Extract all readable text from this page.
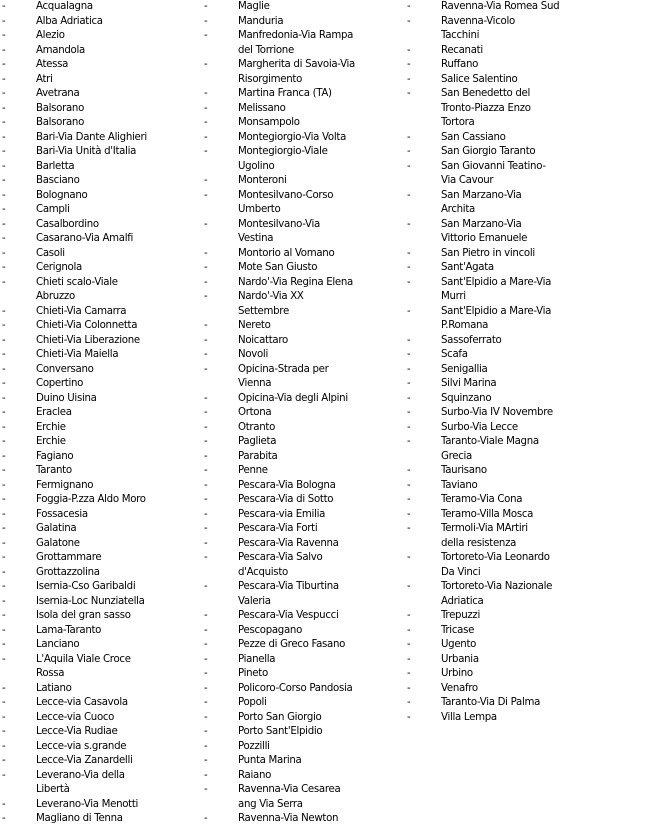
-	Acqualagna
-	Alba Adriatica
-	Alezio
-	Amandola
-	Atessa
-	Atri
-	Avetrana
-	Balsorano
-	Balsorano
-	Bari-Via Dante Alighieri
-	Bari-Via Unità d'Italia
-	Barletta
-	Basciano
-	Bolognano
-	Campli
-	Casalbordino
-	Casarano-Via Amalfi
-	Casoli
-	Cerignola
-	Chieti scalo-Viale
Abruzzo
-	Chieti-Via Camarra
-	Chieti-Via Colonnetta
-	Chieti-Via Liberazione
-	Chieti-Via Maiella
-	Conversano
-	Copertino
-	Duino Uisina
-	Eraclea
-	Erchie
-	Erchie
-	Fagiano
-	Taranto
-	Fermignano
-	Foggia-P.zza Aldo Moro
-	Fossacesia
-	Galatina
-	Galatone
-	Grottammare
-	Grottazzolina
-	Isernia-Cso Garibaldi
-	Isernia-Loc Nunziatella
-	Isola del gran sasso
-	Lama-Taranto
-	Lanciano
-	L'Aquila Viale Croce
Rossa
-	Latiano
-	Lecce-via Casavola
-	Lecce-via Cuoco
-	Lecce-Via Rudiae
-	Lecce-via s.grande
-	Lecce-Via Zanardelli
-	Leverano-Via della
Libertà
-	Leverano-Via Menotti
-	Magliano di Tenna
-	Maglie
-	Manduria
-	Manfredonia-Via Rampa
del Torrione
-	Margherita di Savoia-Via
Risorgimento
-	Martina Franca (TA)
-	Melissano
-	Monsampolo
-	Montegiorgio-Via Volta
-	Montegiorgio-Viale
Ugolino
-	Monteroni
-	Montesilvano-Corso
Umberto
-	Montesilvano-Via
Vestina
-	Montorio al Vomano
-	Mote San Giusto
-	Nardo'-Via Regina Elena
-	Nardo'-Via XX
Settembre
-	Nereto
-	Noicattaro
-	Novoli
-	Opicina-Strada per
Vienna
-	Opicina-Via degli Alpini
-	Ortona
-	Otranto
-	Paglieta
-	Parabita
-	Penne
-	Pescara-Via Bologna
-	Pescara-Via di Sotto
-	Pescara-via Emilia
-	Pescara-Via Forti
-	Pescara-Via Ravenna
-	Pescara-Via Salvo
d'Acquisto
-	Pescara-Via Tiburtina
Valeria
-	Pescara-Via Vespucci
-	Pescopagano
-	Pezze di Greco Fasano
-	Pianella
-	Pineto
-	Policoro-Corso Pandosia
-	Popoli
-	Porto San Giorgio
-	Porto Sant'Elpidio
-	Pozzilli
-	Punta Marina
-	Raiano
-	Ravenna-Via Cesarea
ang Via Serra
-	Ravenna-Via Newton
-	Ravenna-Via Romea Sud
-	Ravenna-Vicolo
Tacchini
-	Recanati
-	Ruffano
-	Salice Salentino
-	San Benedetto del
Tronto-Piazza Enzo
Tortora
-	San Cassiano
-	San Giorgio Taranto
-	San Giovanni Teatino-
Via Cavour
-	San Marzano-Via
Archita
-	San Marzano-Via
Vittorio Emanuele
-	San Pietro in vincoli
-	Sant'Agata
-	Sant'Elpidio a Mare-Via
Murri
-	Sant'Elpidio a Mare-Via
P.Romana
-	Sassoferrato
-	Scafa
-	Senigallia
-	Silvi Marina
-	Squinzano
-	Surbo-Via IV Novembre
-	Surbo-Via Lecce
-	Taranto-Viale Magna
Grecia
-	Taurisano
-	Taviano
-	Teramo-Via Cona
-	Teramo-Villa Mosca
-	Termoli-Via MArtiri
della resistenza
-	Tortoreto-Via Leonardo
Da Vinci
-	Tortoreto-Via Nazionale
Adriatica
-	Trepuzzi
-	Tricase
-	Ugento
-	Urbania
-	Urbino
-	Venafro
-	Taranto-Via Di Palma
-	Villa Lempa
